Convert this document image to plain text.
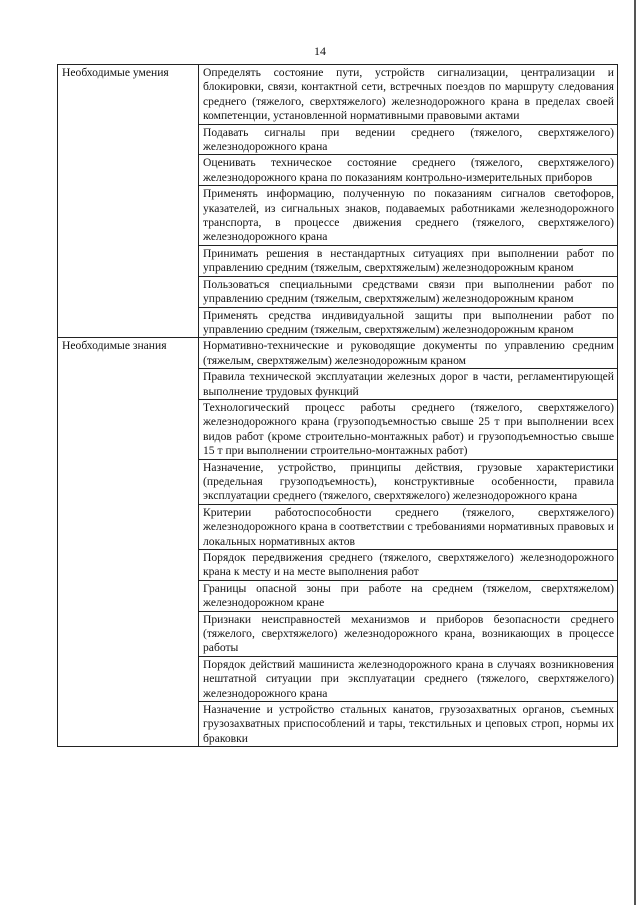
14
Необходимые умения	Определять состояние пути, устройств сигнализации, централизации и блокировки, связи, контактной сети, встречных поездов по маршруту следования среднего (тяжелого, сверхтяжелого) железнодорожного крана в пределах своей компетенции, установленной нормативными правовыми актами
	Подавать сигналы при ведении среднего (тяжелого, сверхтяжелого) железнодорожного крана
	Оценивать техническое состояние среднего (тяжелого, сверхтяжелого) железнодорожного крана по показаниям контрольно-измерительных приборов
	Применять информацию, полученную по показаниям сигналов светофоров, указателей, из сигнальных знаков, подаваемых работниками железнодорожного транспорта, в процессе движения среднего (тяжелого, сверхтяжелого) железнодорожного крана
	Принимать решения в нестандартных ситуациях при выполнении работ по управлению средним (тяжелым, сверхтяжелым) железнодорожным краном
	Пользоваться специальными средствами связи при выполнении работ по управлению средним (тяжелым, сверхтяжелым) железнодорожным краном
	Применять средства индивидуальной защиты при выполнении работ по управлению средним (тяжелым, сверхтяжелым) железнодорожным краном
Необходимые знания	Нормативно-технические и руководящие документы по управлению средним (тяжелым, сверхтяжелым) железнодорожным краном
	Правила технической эксплуатации железных дорог в части, регламентирующей выполнение трудовых функций
	Технологический процесс работы среднего (тяжелого, сверхтяжелого) железнодорожного крана (грузоподъемностью свыше 25 т при выполнении всех видов работ (кроме строительно-монтажных работ) и грузоподъемностью свыше 15 т при выполнении строительно-монтажных работ)
	Назначение, устройство, принципы действия, грузовые характеристики (предельная грузоподъемность), конструктивные особенности, правила эксплуатации среднего (тяжелого, сверхтяжелого) железнодорожного крана
	Критерии работоспособности среднего (тяжелого, сверхтяжелого) железнодорожного крана в соответствии с требованиями нормативных правовых и локальных нормативных актов
	Порядок передвижения среднего (тяжелого, сверхтяжелого) железнодорожного крана к месту и на месте выполнения работ
	Границы опасной зоны при работе на среднем (тяжелом, сверхтяжелом) железнодорожном кране
	Признаки неисправностей механизмов и приборов безопасности среднего (тяжелого, сверхтяжелого) железнодорожного крана, возникающих в процессе работы
	Порядок действий машиниста железнодорожного крана в случаях возникновения нештатной ситуации при эксплуатации среднего (тяжелого, сверхтяжелого) железнодорожного крана
	Назначение и устройство стальных канатов, грузозахватных органов, съемных грузозахватных приспособлений и тары, текстильных и цеповых строп, нормы их браковки
